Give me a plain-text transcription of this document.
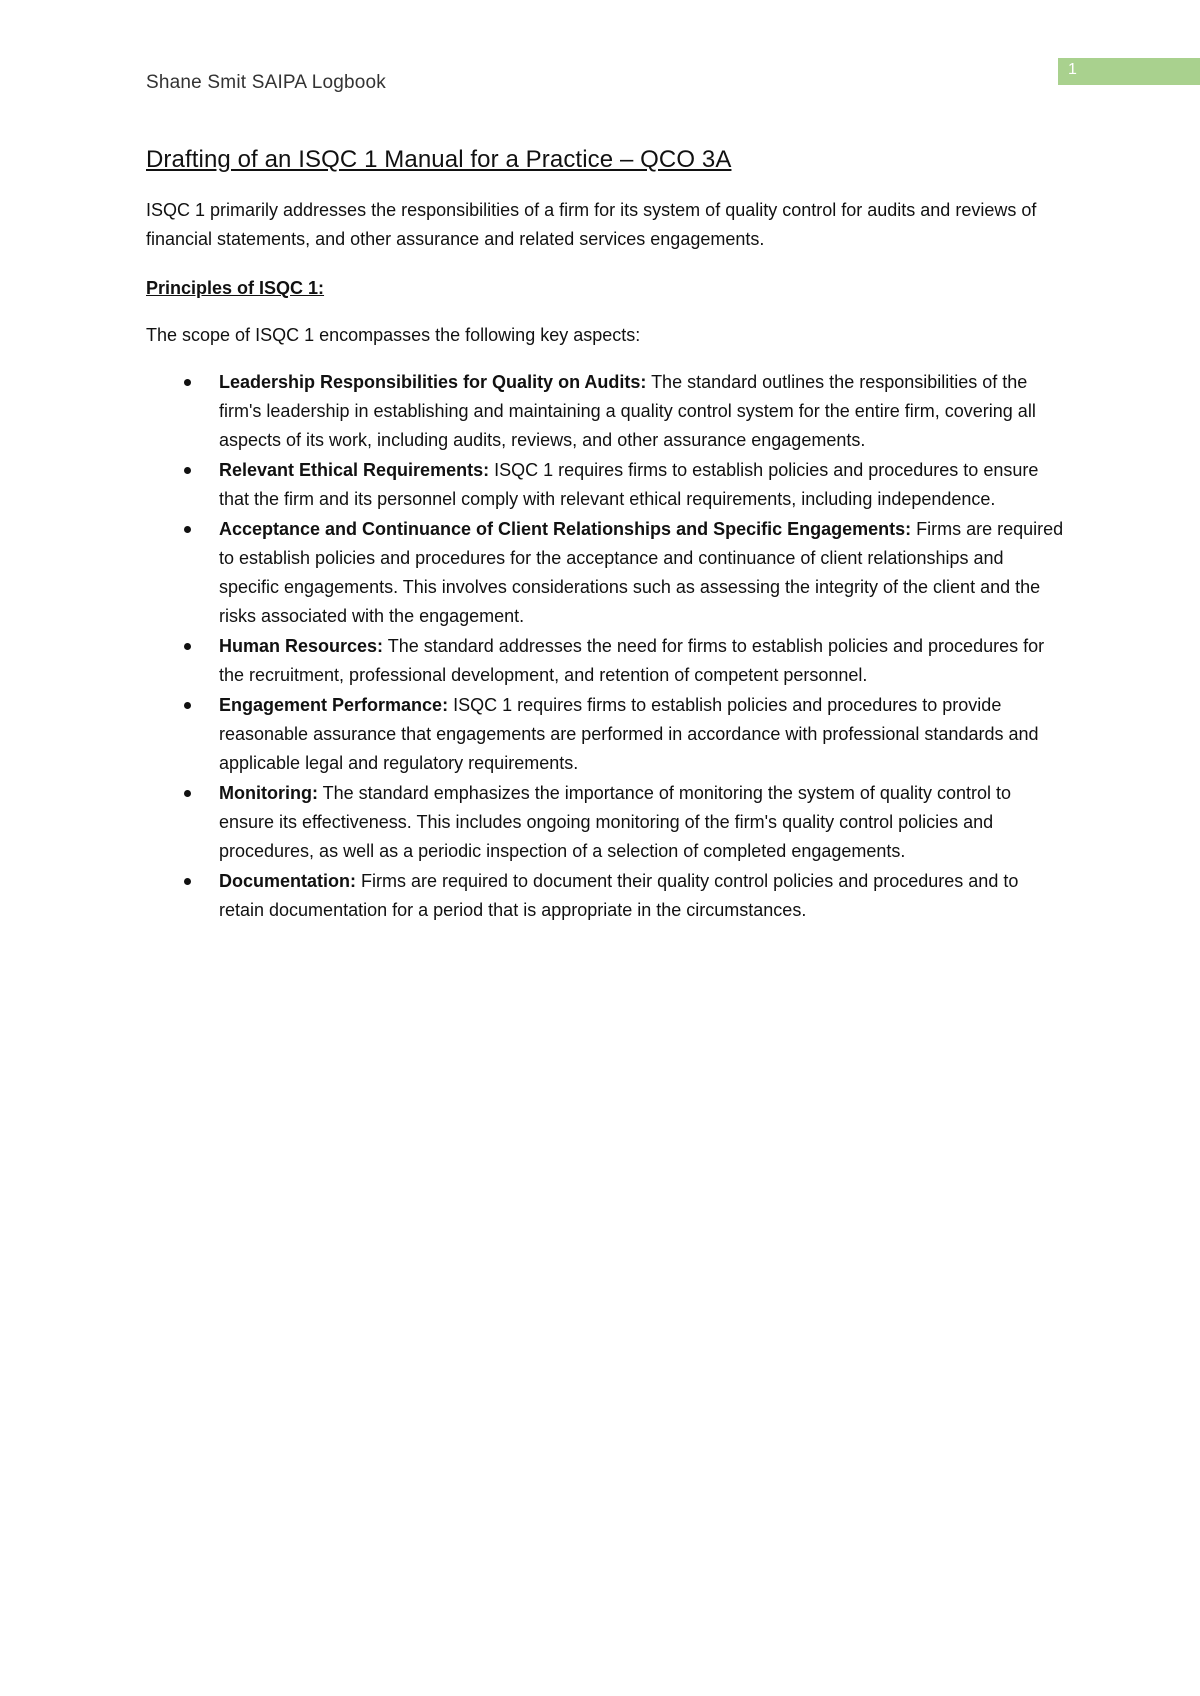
Shane Smit SAIPA Logbook
1
Drafting of an ISQC 1 Manual for a Practice – QCO 3A

ISQC 1 primarily addresses the responsibilities of a firm for its system of quality control for audits and reviews of financial statements, and other assurance and related services engagements.

Principles of ISQC 1:

The scope of ISQC 1 encompasses the following key aspects:

Leadership Responsibilities for Quality on Audits: The standard outlines the responsibilities of the firm's leadership in establishing and maintaining a quality control system for the entire firm, covering all aspects of its work, including audits, reviews, and other assurance engagements.
Relevant Ethical Requirements: ISQC 1 requires firms to establish policies and procedures to ensure that the firm and its personnel comply with relevant ethical requirements, including independence.
Acceptance and Continuance of Client Relationships and Specific Engagements: Firms are required to establish policies and procedures for the acceptance and continuance of client relationships and specific engagements. This involves considerations such as assessing the integrity of the client and the risks associated with the engagement.
Human Resources: The standard addresses the need for firms to establish policies and procedures for the recruitment, professional development, and retention of competent personnel.
Engagement Performance: ISQC 1 requires firms to establish policies and procedures to provide reasonable assurance that engagements are performed in accordance with professional standards and applicable legal and regulatory requirements.
Monitoring: The standard emphasizes the importance of monitoring the system of quality control to ensure its effectiveness. This includes ongoing monitoring of the firm's quality control policies and procedures, as well as a periodic inspection of a selection of completed engagements.
Documentation: Firms are required to document their quality control policies and procedures and to retain documentation for a period that is appropriate in the circumstances.
